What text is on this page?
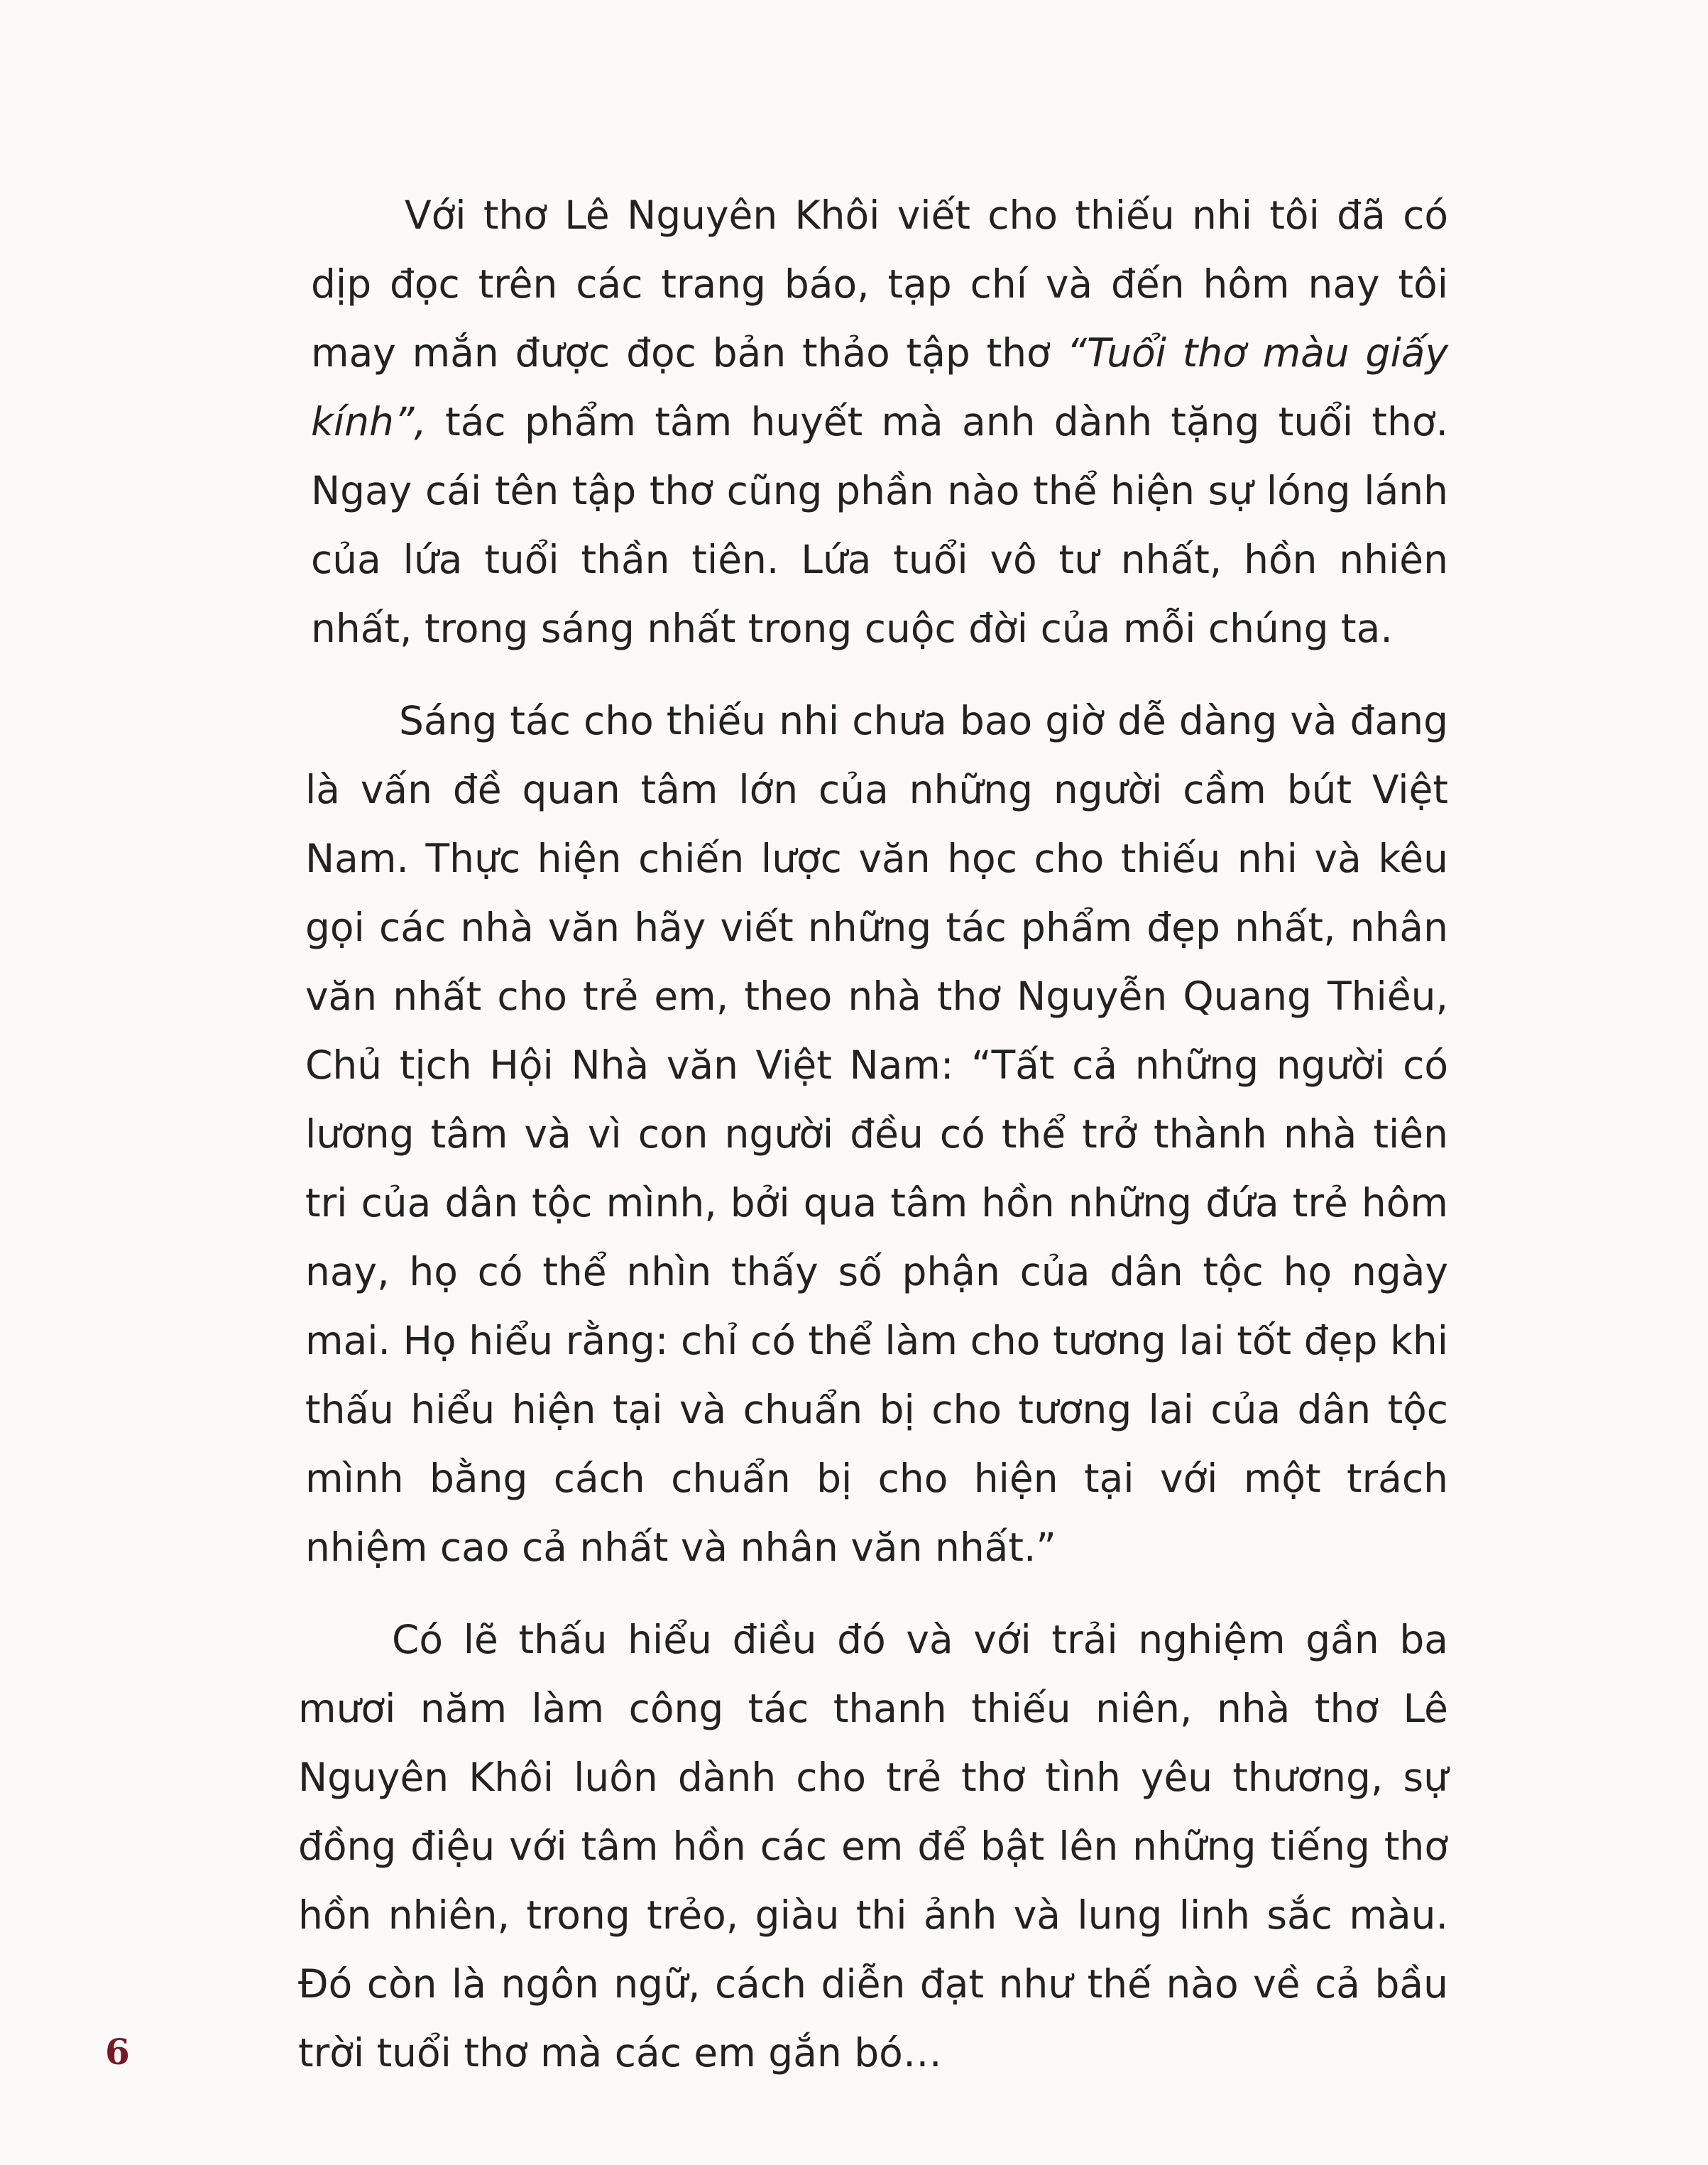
Với thơ Lê Nguyên Khôi viết cho thiếu nhi tôi đã có dịp đọc trên các trang báo, tạp chí và đến hôm nay tôi may mắn được đọc bản thảo tập thơ “Tuổi thơ màu giấy kính”, tác phẩm tâm huyết mà anh dành tặng tuổi thơ. Ngay cái tên tập thơ cũng phần nào thể hiện sự lóng lánh của lứa tuổi thần tiên. Lứa tuổi vô tư nhất, hồn nhiên nhất, trong sáng nhất trong cuộc đời của mỗi chúng ta.

Sáng tác cho thiếu nhi chưa bao giờ dễ dàng và đang là vấn đề quan tâm lớn của những người cầm bút Việt Nam. Thực hiện chiến lược văn học cho thiếu nhi và kêu gọi các nhà văn hãy viết những tác phẩm đẹp nhất, nhân văn nhất cho trẻ em, theo nhà thơ Nguyễn Quang Thiều, Chủ tịch Hội Nhà văn Việt Nam: “Tất cả những người có lương tâm và vì con người đều có thể trở thành nhà tiên tri của dân tộc mình, bởi qua tâm hồn những đứa trẻ hôm nay, họ có thể nhìn thấy số phận của dân tộc họ ngày mai. Họ hiểu rằng: chỉ có thể làm cho tương lai tốt đẹp khi thấu hiểu hiện tại và chuẩn bị cho tương lai của dân tộc mình bằng cách chuẩn bị cho hiện tại với một trách nhiệm cao cả nhất và nhân văn nhất.”

Có lẽ thấu hiểu điều đó và với trải nghiệm gần ba mươi năm làm công tác thanh thiếu niên, nhà thơ Lê Nguyên Khôi luôn dành cho trẻ thơ tình yêu thương, sự đồng điệu với tâm hồn các em để bật lên những tiếng thơ hồn nhiên, trong trẻo, giàu thi ảnh và lung linh sắc màu. Đó còn là ngôn ngữ, cách diễn đạt như thế nào về cả bầu trời tuổi thơ mà các em gắn bó…

6
